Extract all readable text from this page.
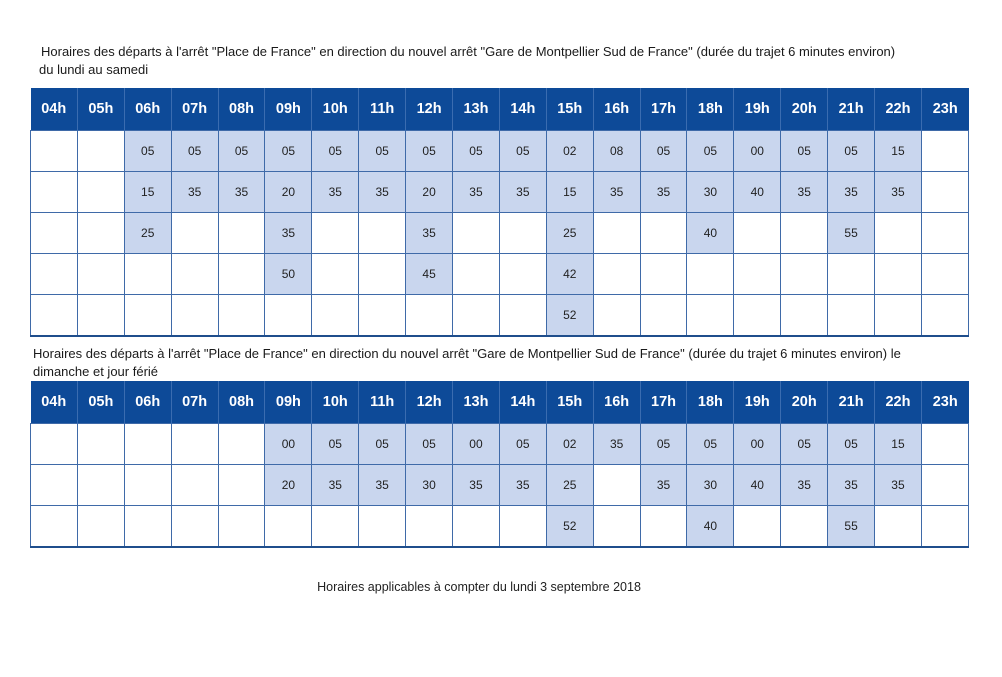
Horaires des départs à l'arrêt "Place de France" en direction du nouvel arrêt "Gare de Montpellier Sud de France" (durée du trajet 6 minutes environ)
du lundi au samedi
04h	05h	06h	07h	08h	09h	10h	11h	12h	13h	14h	15h	16h	17h	18h	19h	20h	21h	22h	23h
		05	05	05	05	05	05	05	05	05	02	08	05	05	00	05	05	15	
		15	35	35	20	35	35	20	35	35	15	35	35	30	40	35	35	35	
		25			35			35			25			40			55		
					50			45			42								
											52								
Horaires des départs à l'arrêt "Place de France" en direction du nouvel arrêt "Gare de Montpellier Sud de France" (durée du trajet 6 minutes environ) le
dimanche et jour férié
04h	05h	06h	07h	08h	09h	10h	11h	12h	13h	14h	15h	16h	17h	18h	19h	20h	21h	22h	23h
					00	05	05	05	00	05	02	35	05	05	00	05	05	15	
					20	35	35	30	35	35	25		35	30	40	35	35	35	
											52			40			55		
Horaires applicables à compter du lundi 3 septembre 2018
